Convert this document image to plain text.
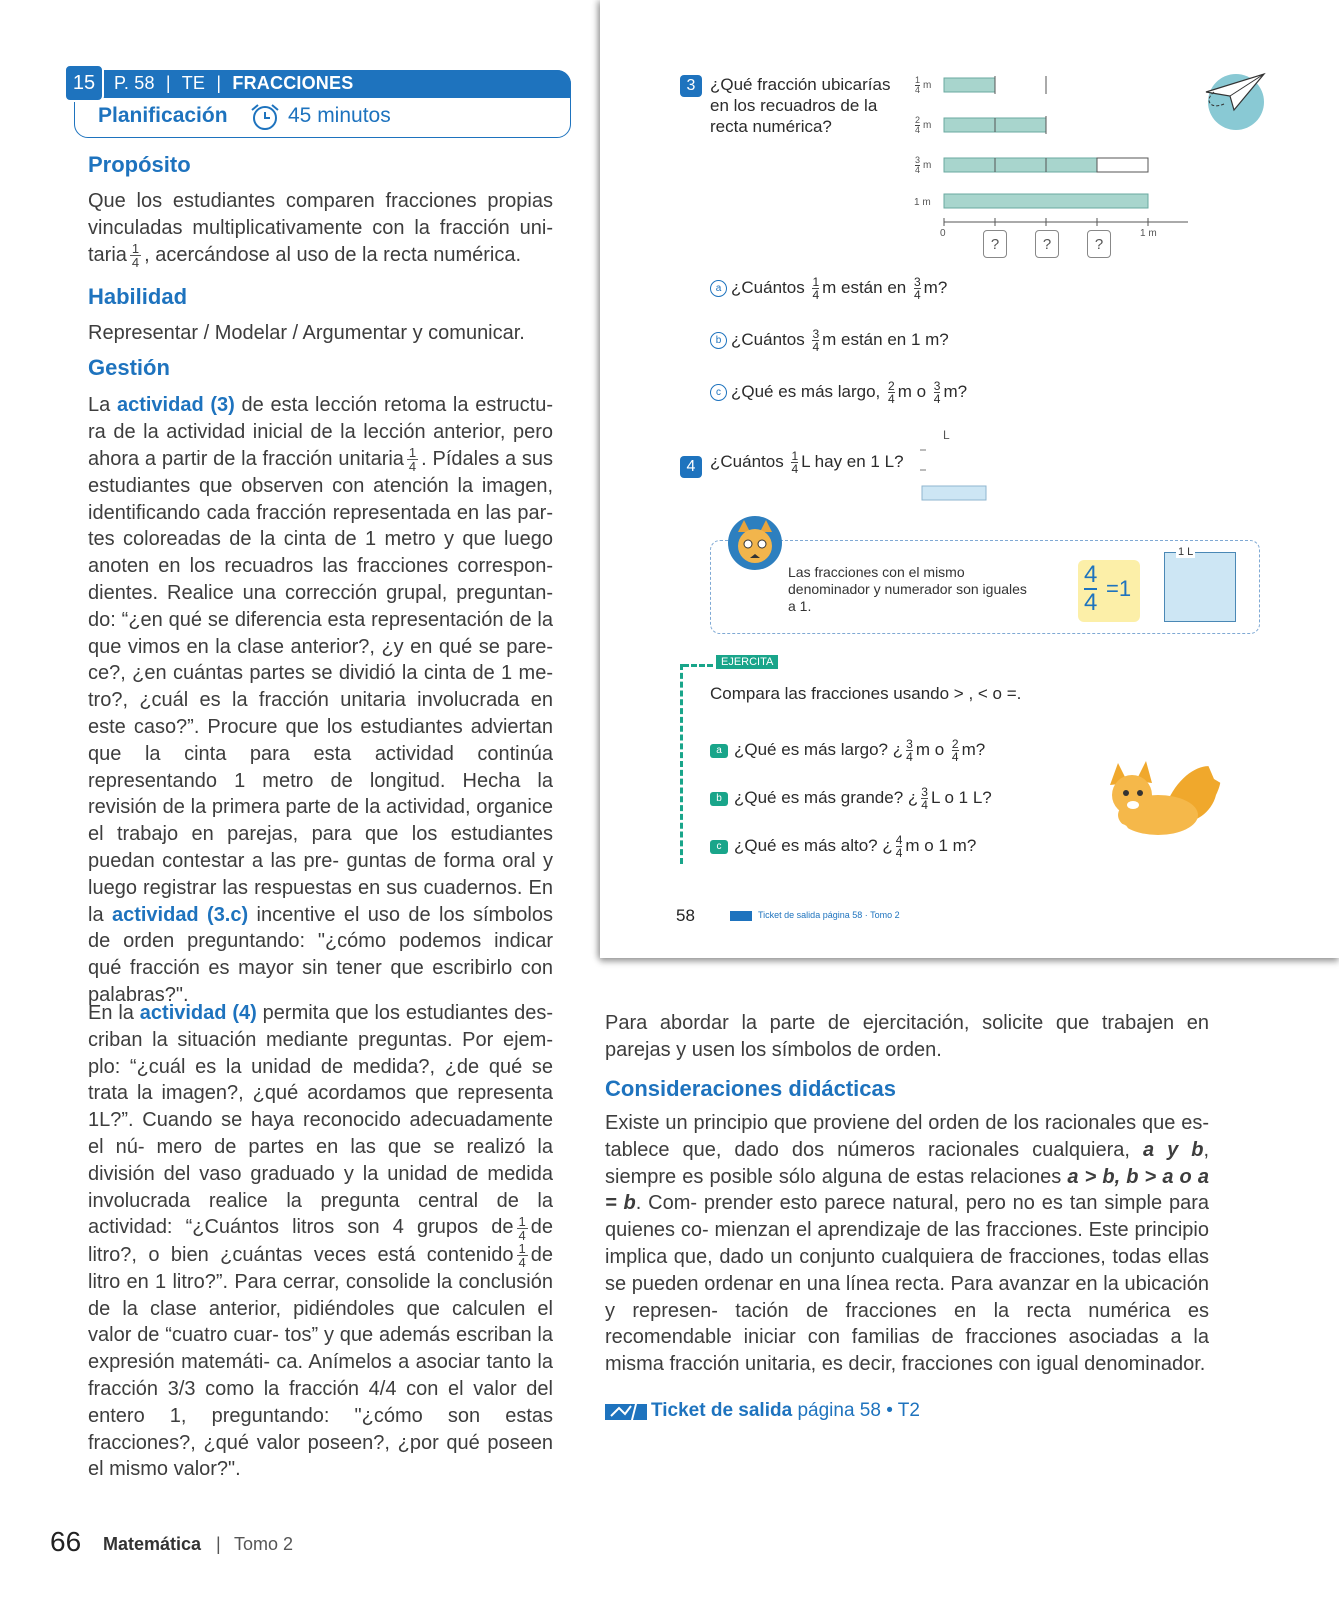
15	P. 58 | TE | FRACCIONES
Planificación	45 minutos
Propósito

Que los estudiantes comparen fracciones propias vinculadas multiplicativamente con la fracción uni- taria $\frac{1}{4}$ , acercándose al uso de la recta numérica.

Habilidad

Representar / Modelar / Argumentar y comunicar.

Gestión

La actividad (3) de esta lección retoma la estructu- ra de la actividad inicial de la lección anterior, pero ahora a partir de la fracción unitaria $\frac{1}{4}$ . Pídales a sus estudiantes que observen con atención la imagen, identificando cada fracción representada en las par- tes coloreadas de la cinta de 1 metro y que luego anoten en los recuadros las fracciones correspon- dientes. Realice una corrección grupal, preguntan- do: “¿en qué se diferencia esta representación de la que vimos en la clase anterior?, ¿y en qué se pare- ce?, ¿en cuántas partes se dividió la cinta de 1 me- tro?, ¿cuál es la fracción unitaria involucrada en este caso?”. Procure que los estudiantes adviertan que la cinta para esta actividad continúa representando 1 metro de longitud. Hecha la revisión de la primera parte de la actividad, organice el trabajo en parejas, para que los estudiantes puedan contestar a las pre- guntas de forma oral y luego registrar las respuestas en sus cuadernos. En la actividad (3.c) incentive el uso de los símbolos de orden preguntando: "¿cómo podemos indicar qué fracción es mayor sin tener que escribirlo con palabras?".

En la actividad (4) permita que los estudiantes des- criban la situación mediante preguntas. Por ejem- plo: “¿cuál es la unidad de medida?, ¿de qué se trata la imagen?, ¿qué acordamos que representa 1L?”. Cuando se haya reconocido adecuadamente el nú- mero de partes en las que se realizó la división del vaso graduado y la unidad de medida involucrada realice la pregunta central de la actividad: “¿Cuántos litros son 4 grupos de $\frac{1}{4}$ de litro?, o bien ¿cuántas veces está contenido $\frac{1}{4}$ de litro en 1 litro?”. Para cerrar, consolide la conclusión de la clase anterior, pidiéndoles que calculen el valor de “cuatro cuar- tos” y que además escriban la expresión matemáti- ca. Anímelos a asociar tanto la fracción 3/3 como la fracción 4/4 con el valor del entero 1, preguntando: "¿cómo son estas fracciones?, ¿qué valor poseen?, ¿por qué poseen el mismo valor?".

3 ¿Qué fracción ubicarías
en los recuadros de la
recta numérica?
$\frac{1}{4}$ m
$\frac{2}{4}$ m
$\frac{3}{4}$ m
1 m
0	1 m
?	?	?
a ¿Cuántos $\frac{1}{4}$ m están en $\frac{3}{4} m$?
b ¿Cuántos $\frac{3}{4}$ m están en 1 m?
c ¿Qué es más largo, $\frac{2}{4}$ m o $\frac{3}{4} m$?
4 ¿Cuántos $\frac{1}{4}$ L hay en 1 L?
L
Las fracciones con el mismo denominador y numerador son iguales a 1.
4
4
=1
1 L
EJERCITA
Compara las fracciones usando > , < o =.
a ¿Qué es más largo? ¿ $\frac{3}{4}$ m o $\frac{2}{4} m$?
b ¿Qué es más grande? ¿ $\frac{3}{4}$ L o 1 L?
c ¿Qué es más alto? ¿ $\frac{4}{4}$ m o 1 m?
58	Ticket de salida página 58 · Tomo 2

Para abordar la parte de ejercitación, solicite que trabajen en parejas y usen los símbolos de orden.

Consideraciones didácticas

Existe un principio que proviene del orden de los racionales que es- tablece que, dado dos números racionales cualquiera, a y b, siempre es posible sólo alguna de estas relaciones a > b, b > a o a = b. Com- prender esto parece natural, pero no es tan simple para quienes co- mienzan el aprendizaje de las fracciones. Este principio implica que, dado un conjunto cualquiera de fracciones, todas ellas se pueden ordenar en una línea recta. Para avanzar en la ubicación y represen- tación de fracciones en la recta numérica es recomendable iniciar con familias de fracciones asociadas a la misma fracción unitaria, es decir, fracciones con igual denominador.

Ticket de salida página 58 • T2
66 Matemática | Tomo 2
